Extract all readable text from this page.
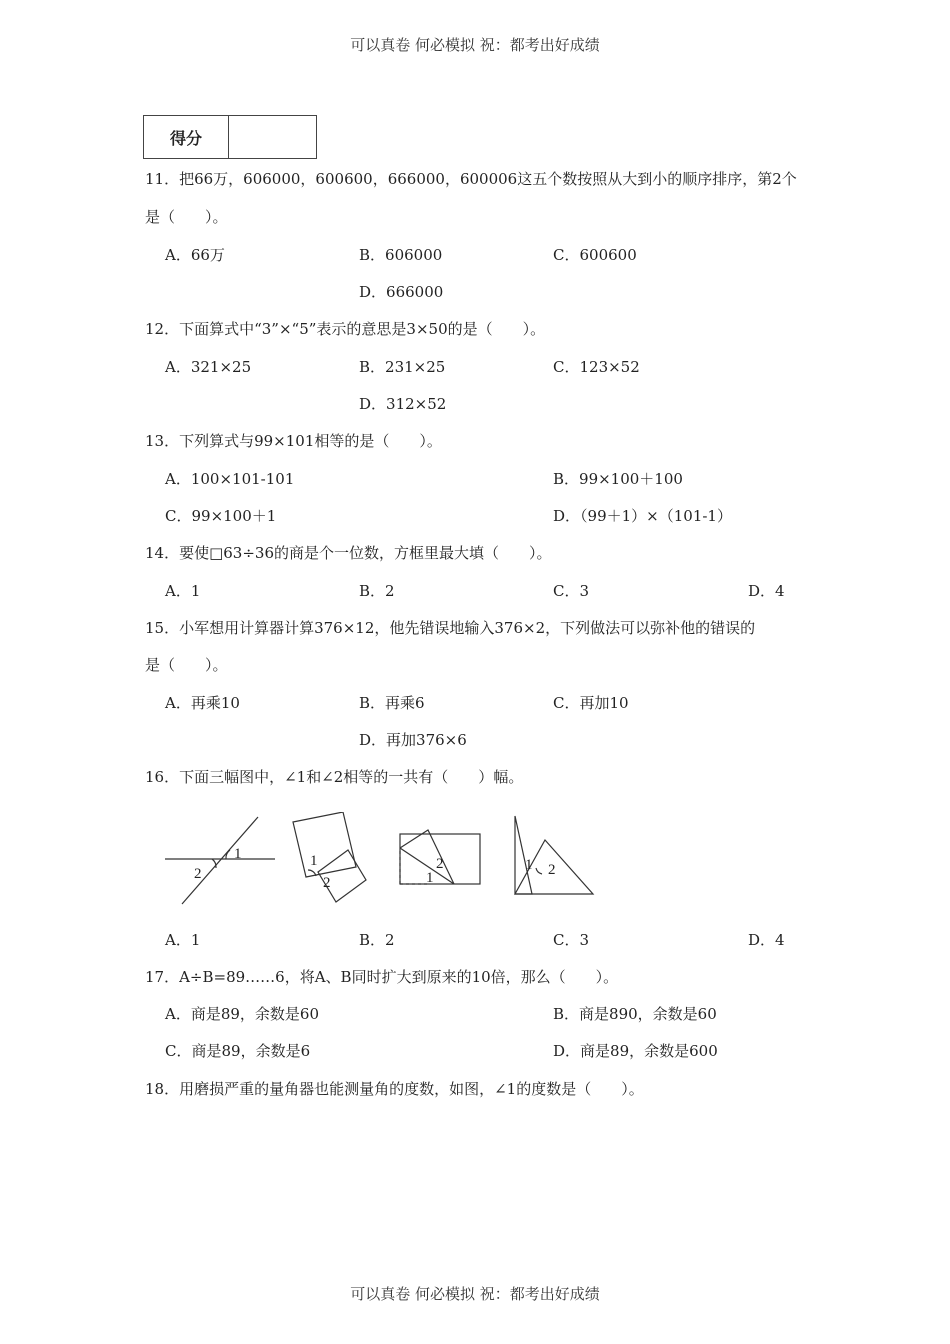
可以真卷 何必模拟 祝：都考出好成绩
得分
11．把66万，606000，600600，666000，600006这五个数按照从大到小的顺序排序，第2个
是（　　）。
A．66万	B．606000	C．600600
D．666000
12．下面算式中“3”×“5”表示的意思是3×50的是（　　）。
A．321×25	B．231×25	C．123×52
D．312×52
13．下列算式与99×101相等的是（　　）。
A．100×101-101	B．99×100＋100
C．99×100＋1	D．（99＋1）×（101-1）
14．要使□63÷36的商是个一位数，方框里最大填（　　）。
A．1	B．2	C．3	D．4
15．小军想用计算器计算376×12，他先错误地输入376×2，下列做法可以弥补他的错误的
是（　　）。
A．再乘10	B．再乘6	C．再加10
D．再加376×6
16．下面三幅图中，∠1和∠2相等的一共有（　　）幅。
1
2
1
2
2
1
1 2
A．1	B．2	C．3	D．4
17．A÷B=89……6，将A、B同时扩大到原来的10倍，那么（　　）。
A．商是89，余数是60	B．商是890，余数是60
C．商是89，余数是6	D．商是89，余数是600
18．用磨损严重的量角器也能测量角的度数，如图，∠1的度数是（　　）。
可以真卷 何必模拟 祝：都考出好成绩
